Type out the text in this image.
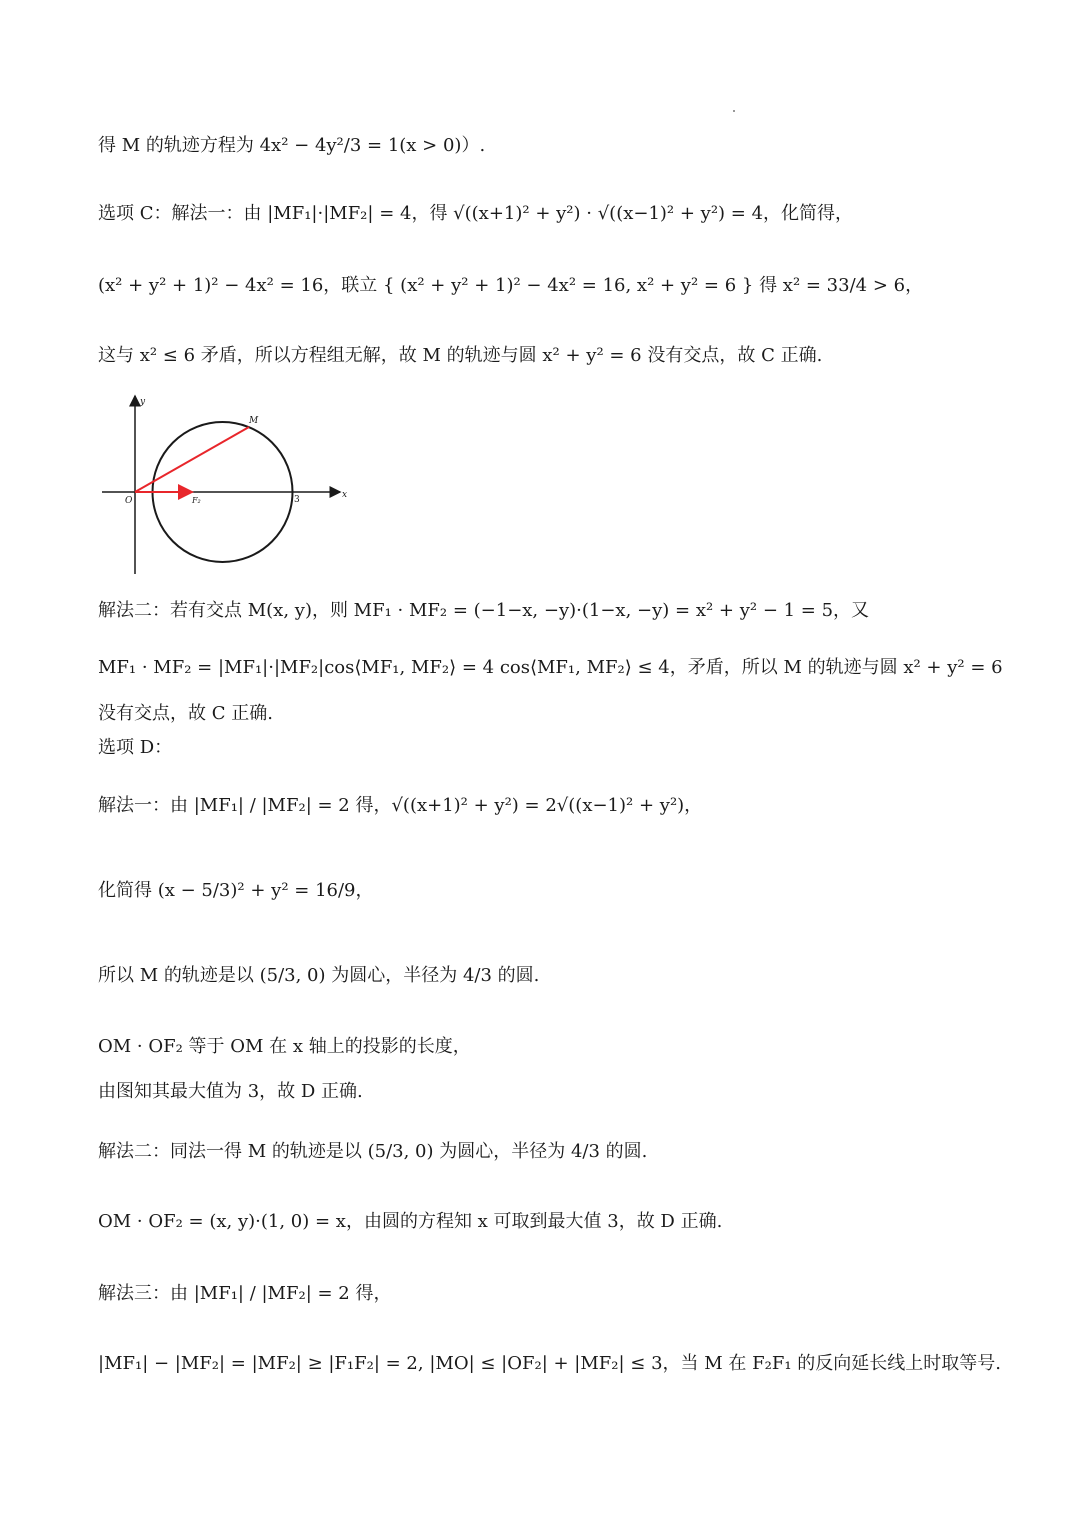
得 M 的轨迹方程为 4x² − 4y²/3 = 1(x > 0)）.
选项 C：解法一：由 |MF₁|·|MF₂| = 4，得 √((x+1)² + y²) · √((x−1)² + y²) = 4，化简得，
(x² + y² + 1)² − 4x² = 16，联立 { (x² + y² + 1)² − 4x² = 16, x² + y² = 6 } 得 x² = 33/4 > 6，
这与 x² ≤ 6 矛盾，所以方程组无解，故 M 的轨迹与圆 x² + y² = 6 没有交点，故 C 正确.
y
x
O
M
F₂	3
解法二：若有交点 M(x, y)，则 MF₁ · MF₂ = (−1−x, −y)·(1−x, −y) = x² + y² − 1 = 5，又
MF₁ · MF₂ = |MF₁|·|MF₂|cos⟨MF₁, MF₂⟩ = 4 cos⟨MF₁, MF₂⟩ ≤ 4，矛盾，所以 M 的轨迹与圆 x² + y² = 6
没有交点，故 C 正确.
选项 D：
解法一：由 |MF₁| / |MF₂| = 2 得，√((x+1)² + y²) = 2√((x−1)² + y²)，
化简得 (x − 5/3)² + y² = 16/9，
所以 M 的轨迹是以 (5/3, 0) 为圆心，半径为 4/3 的圆.
OM · OF₂ 等于 OM 在 x 轴上的投影的长度，
由图知其最大值为 3，故 D 正确.
解法二：同法一得 M 的轨迹是以 (5/3, 0) 为圆心，半径为 4/3 的圆.
OM · OF₂ = (x, y)·(1, 0) = x，由圆的方程知 x 可取到最大值 3，故 D 正确.
解法三：由 |MF₁| / |MF₂| = 2 得，
|MF₁| − |MF₂| = |MF₂| ≥ |F₁F₂| = 2, |MO| ≤ |OF₂| + |MF₂| ≤ 3，当 M 在 F₂F₁ 的反向延长线上时取等号.
